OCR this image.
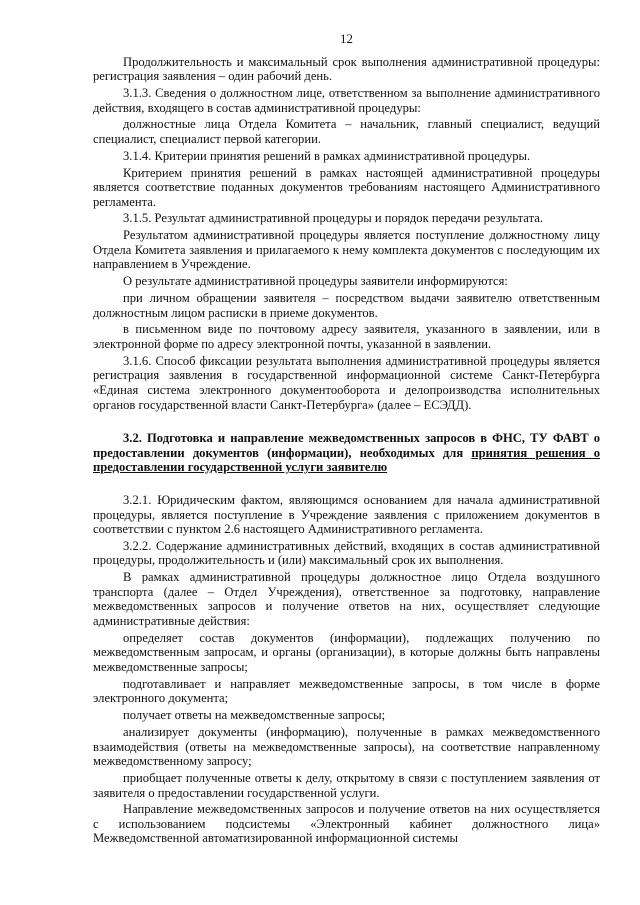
12
Продолжительность и максимальный срок выполнения административной процедуры: регистрация заявления – один рабочий день.
3.1.3. Сведения о должностном лице, ответственном за выполнение административного действия, входящего в состав административной процедуры:
должностные лица Отдела Комитета – начальник, главный специалист, ведущий специалист, специалист первой категории.
3.1.4. Критерии принятия решений в рамках административной процедуры.
Критерием принятия решений в рамках настоящей административной процедуры является соответствие поданных документов требованиям настоящего Административного регламента.
3.1.5. Результат административной процедуры и порядок передачи результата.
Результатом административной процедуры является поступление должностному лицу Отдела Комитета заявления и прилагаемого к нему комплекта документов с последующим их направлением в Учреждение.
О результате административной процедуры заявители информируются:
при личном обращении заявителя – посредством выдачи заявителю ответственным должностным лицом расписки в приеме документов.
в письменном виде по почтовому адресу заявителя, указанного в заявлении, или в электронной форме по адресу электронной почты, указанной в заявлении.
3.1.6. Способ фиксации результата выполнения административной процедуры является регистрация заявления в государственной информационной системе Санкт-Петербурга «Единая система электронного документооборота и делопроизводства исполнительных органов государственной власти Санкт-Петербурга» (далее – ЕСЭДД).
3.2. Подготовка и направление межведомственных запросов в ФНС, ТУ ФАВТ о предоставлении документов (информации), необходимых для принятия решения о предоставлении государственной услуги заявителю
3.2.1. Юридическим фактом, являющимся основанием для начала административной процедуры, является поступление в Учреждение заявления с приложением документов в соответствии с пунктом 2.6 настоящего Административного регламента.
3.2.2. Содержание административных действий, входящих в состав административной процедуры, продолжительность и (или) максимальный срок их выполнения.
В рамках административной процедуры должностное лицо Отдела воздушного транспорта (далее – Отдел Учреждения), ответственное за подготовку, направление межведомственных запросов и получение ответов на них, осуществляет следующие административные действия:
определяет состав документов (информации), подлежащих получению по межведомственным запросам, и органы (организации), в которые должны быть направлены межведомственные запросы;
подготавливает и направляет межведомственные запросы, в том числе в форме электронного документа;
получает ответы на межведомственные запросы;
анализирует документы (информацию), полученные в рамках межведомственного взаимодействия (ответы на межведомственные запросы), на соответствие направленному межведомственному запросу;
приобщает полученные ответы к делу, открытому в связи с поступлением заявления от заявителя о предоставлении государственной услуги.
Направление межведомственных запросов и получение ответов на них осуществляется с использованием подсистемы «Электронный кабинет должностного лица» Межведомственной автоматизированной информационной системы
